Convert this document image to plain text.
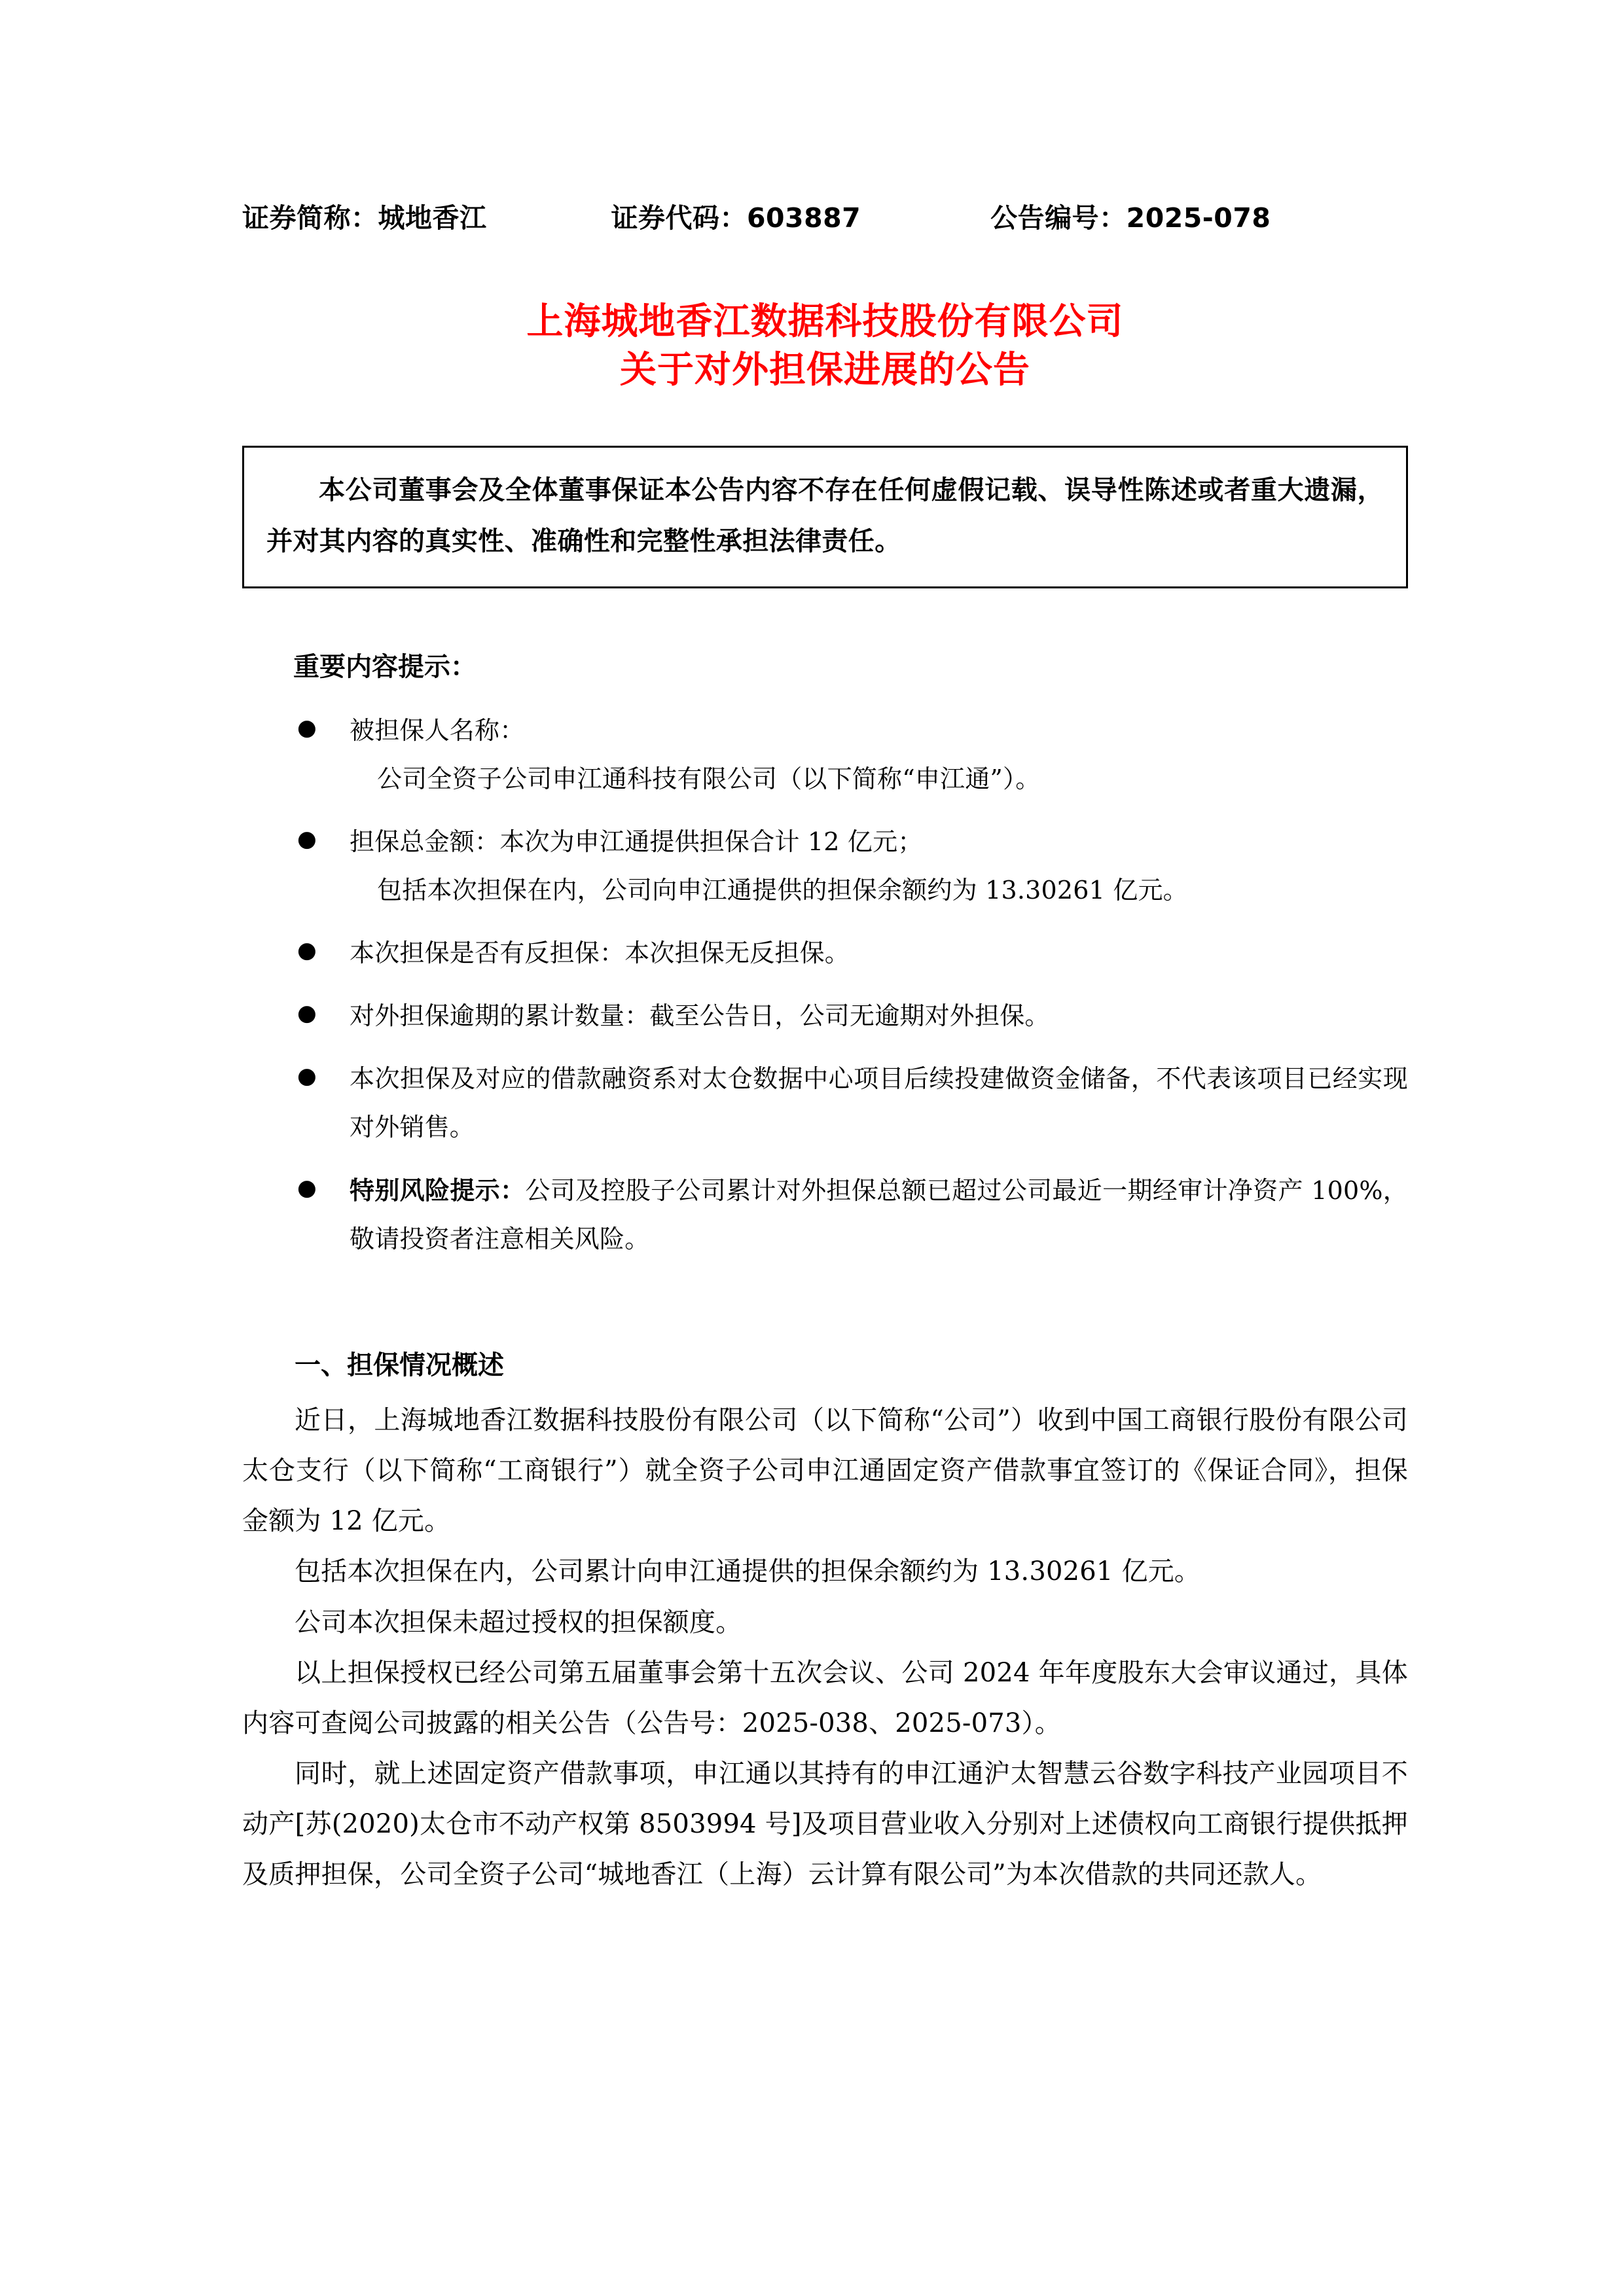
证券简称：城地香江	证券代码：603887	公告编号：2025-078
上海城地香江数据科技股份有限公司
关于对外担保进展的公告

本公司董事会及全体董事保证本公告内容不存在任何虚假记载、误导性陈述或者重大遗漏，并对其内容的真实性、准确性和完整性承担法律责任。

重要内容提示：
● 被担保人名称：
公司全资子公司申江通科技有限公司（以下简称“申江通”）。
● 担保总金额：本次为申江通提供担保合计 12 亿元；
包括本次担保在内，公司向申江通提供的担保余额约为 13.30261 亿元。
● 本次担保是否有反担保：本次担保无反担保。
● 对外担保逾期的累计数量：截至公告日，公司无逾期对外担保。
● 本次担保及对应的借款融资系对太仓数据中心项目后续投建做资金储备，不代表该项目已经实现对外销售。
● 特别风险提示：公司及控股子公司累计对外担保总额已超过公司最近一期经审计净资产 100%，敬请投资者注意相关风险。
一、担保情况概述

近日，上海城地香江数据科技股份有限公司（以下简称“公司”）收到中国工商银行股份有限公司太仓支行（以下简称“工商银行”）就全资子公司申江通固定资产借款事宜签订的《保证合同》，担保金额为 12 亿元。

包括本次担保在内，公司累计向申江通提供的担保余额约为 13.30261 亿元。

公司本次担保未超过授权的担保额度。

以上担保授权已经公司第五届董事会第十五次会议、公司 2024 年年度股东大会审议通过，具体内容可查阅公司披露的相关公告（公告号：2025-038、2025-073）。

同时，就上述固定资产借款事项，申江通以其持有的申江通沪太智慧云谷数字科技产业园项目不动产[苏(2020)太仓市不动产权第 8503994 号]及项目营业收入分别对上述债权向工商银行提供抵押及质押担保，公司全资子公司“城地香江（上海）云计算有限公司”为本次借款的共同还款人。
